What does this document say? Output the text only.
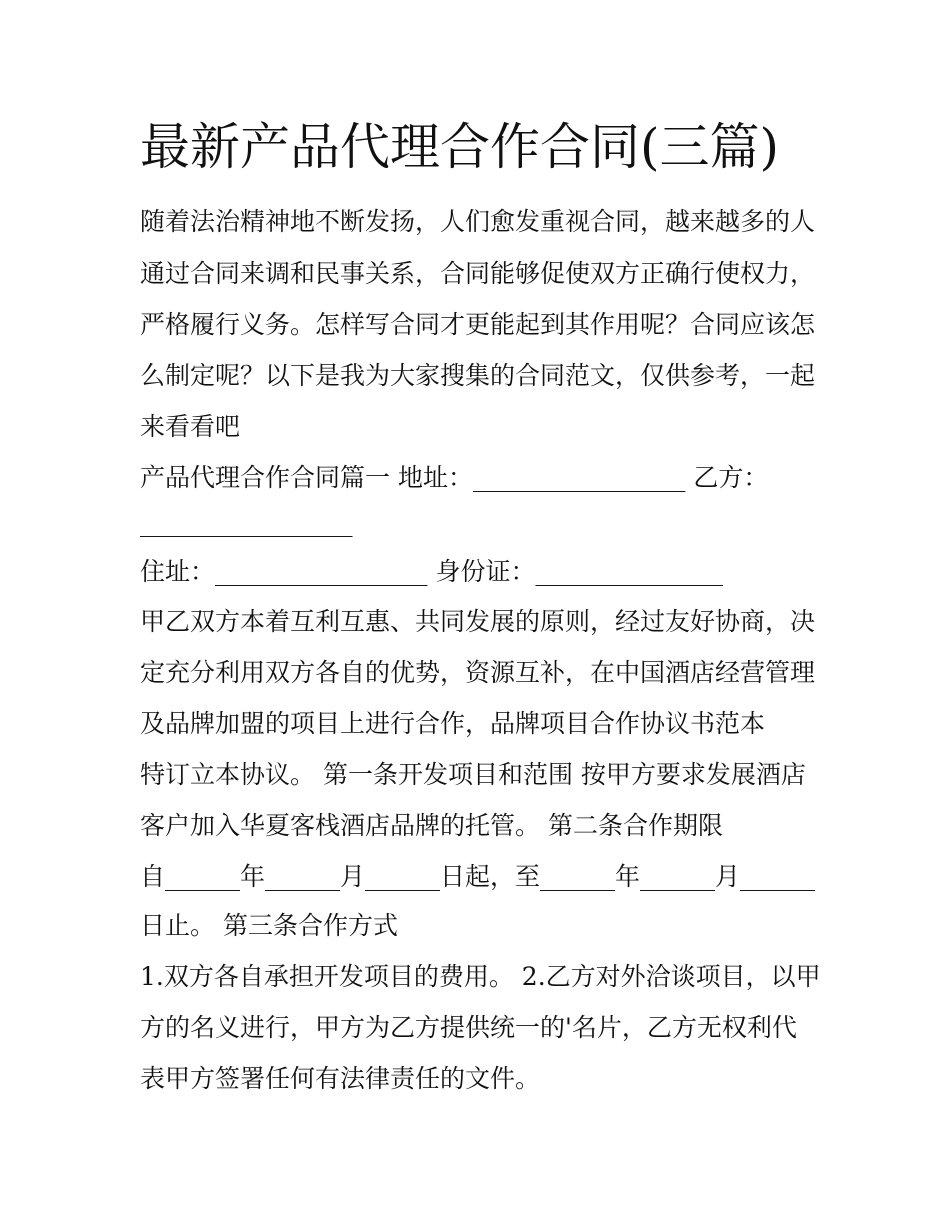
最新产品代理合作合同(三篇)
随着法治精神地不断发扬，人们愈发重视合同，越来越多的人
通过合同来调和民事关系，合同能够促使双方正确行使权力，
严格履行义务。怎样写合同才更能起到其作用呢？合同应该怎
么制定呢？以下是我为大家搜集的合同范文，仅供参考，一起
来看看吧
产品代理合作合同篇一 地址：_________________ 乙方：
_________________
住址：_________________ 身份证：_______________
甲乙双方本着互利互惠、共同发展的原则，经过友好协商，决
定充分利用双方各自的优势，资源互补，在中国酒店经营管理
及品牌加盟的项目上进行合作，品牌项目合作协议书范本
特订立本协议。 第一条开发项目和范围 按甲方要求发展酒店
客户加入华夏客栈酒店品牌的托管。 第二条合作期限
自______年______月______日起，至______年______月______
日止。 第三条合作方式
1.双方各自承担开发项目的费用。 2.乙方对外洽谈项目，以甲
方的名义进行，甲方为乙方提供统一的'名片，乙方无权利代
表甲方签署任何有法律责任的文件。
